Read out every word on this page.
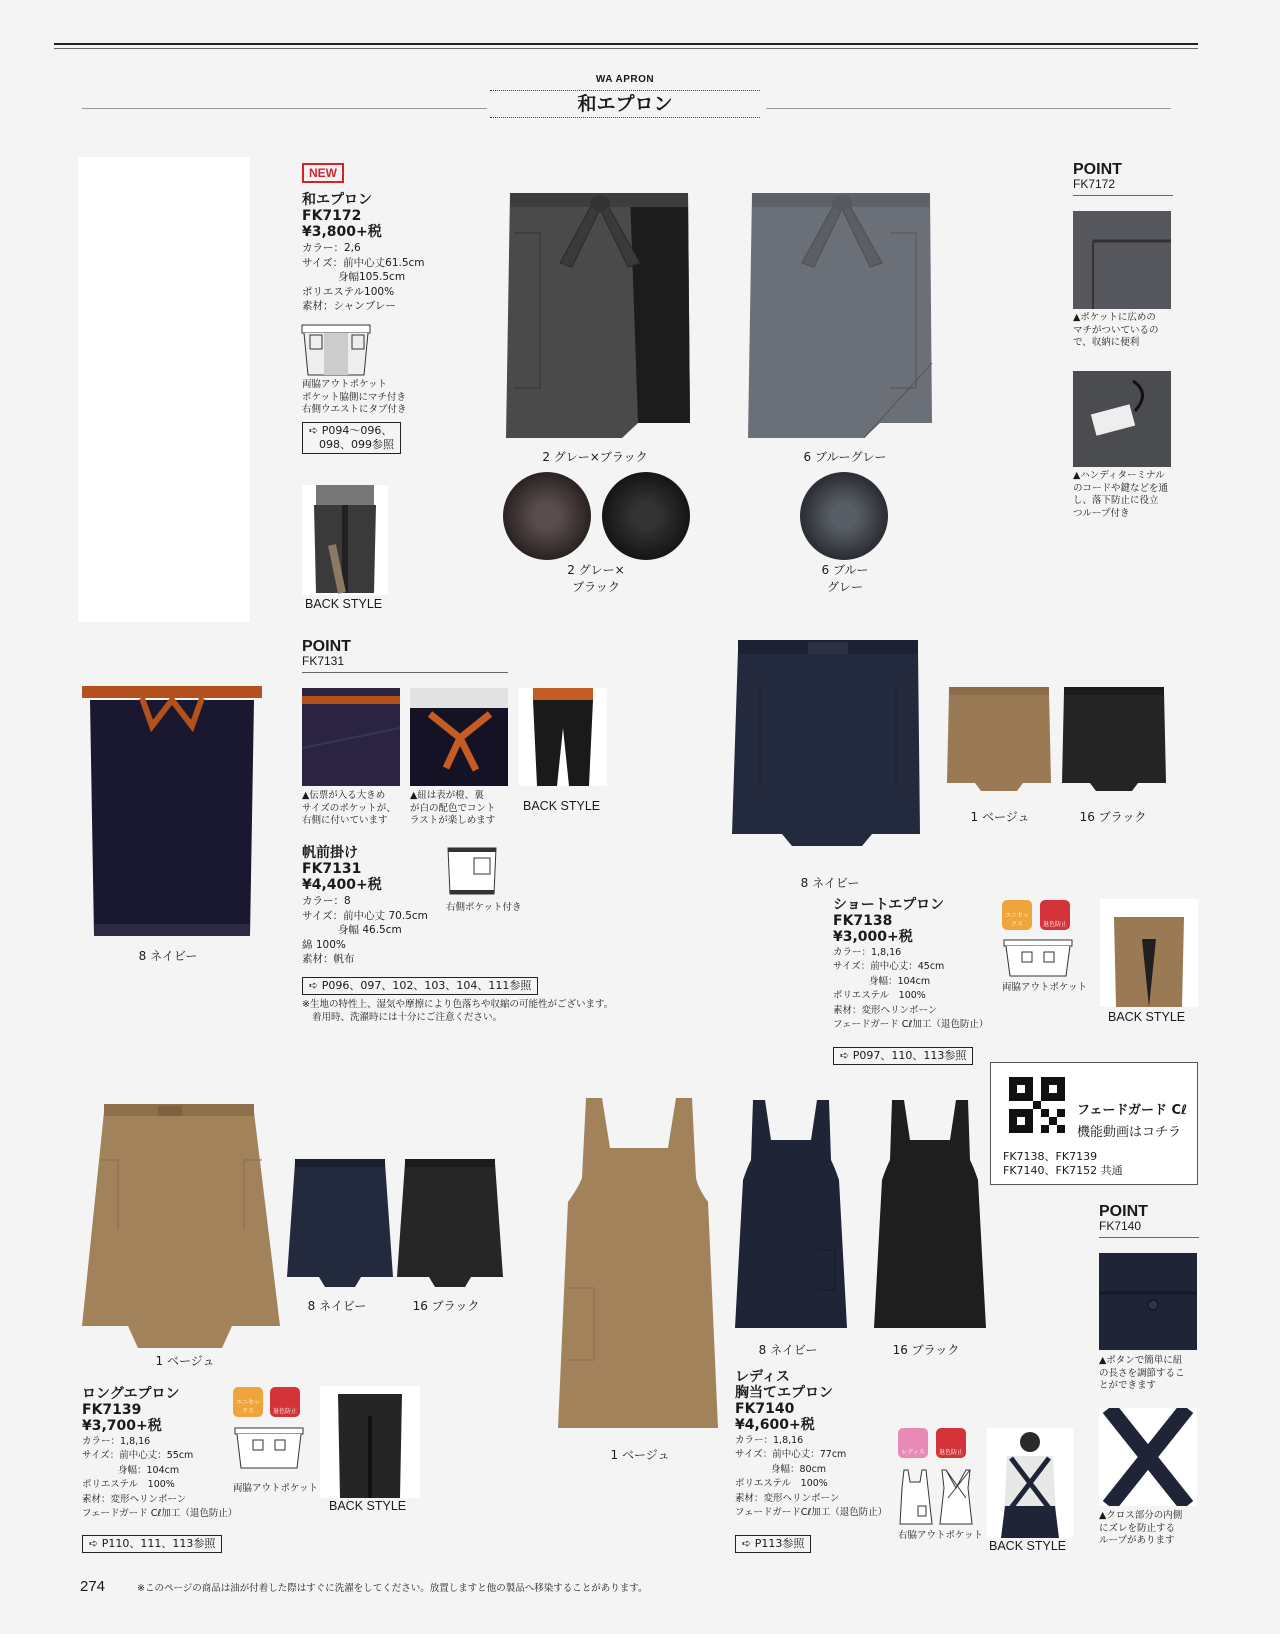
WA APRON
和エプロン
NEW
和エプロン
FK7172
¥3,800+税
カラー：2,6
サイズ：前中心丈61.5cm
身幅105.5cm
ポリエステル100%
素材：シャンブレー
両脇アウトポケット
ポケット脇側にマチ付き
右側ウエストにタブ付き
➪ P094～096、
098、099参照
BACK STYLE
2 グレー×ブラック	6 ブルーグレー
2 グレー×
ブラック
6 ブルー
グレー
POINT
FK7172
▲ポケットに広めの
マチがついているの
で、収納に便利
▲ハンディターミナル
のコードや鍵などを通
し、落下防止に役立
つループ付き
8 ネイビー
POINT
FK7131
BACK STYLE
▲伝票が入る大きめ
サイズのポケットが、
右側に付いています
▲紐は表が橙、裏
が白の配色でコント
ラストが楽しめます
帆前掛け
FK7131
¥4,400+税
カラー：8
サイズ：前中心丈 70.5cm
身幅 46.5cm
綿 100%
素材：帆布
右側ポケット付き
➪ P096、097、102、103、104、111参照
※生地の特性上、湿気や摩擦により色落ちや収縮の可能性がございます。
着用時、洗濯時には十分にご注意ください。
8 ネイビー
1 ベージュ	16 ブラック
ショートエプロン
FK7138
¥3,000+税
カラー：1,8,16
サイズ：前中心丈：45cm
身幅：104cm
ポリエステル　100%
素材：変形ヘリンボーン
フェードガード Cℓ加工（退色防止）
➪ P097、110、113参照
ユニセックス	退色防止
両脇アウトポケット
BACK STYLE
フェードガード Cℓ
機能動画はコチラ
FK7138、FK7139
FK7140、FK7152 共通
1 ベージュ
8 ネイビー	16 ブラック
ロングエプロン
FK7139
¥3,700+税
カラー：1,8,16
サイズ：前中心丈：55cm
身幅：104cm
ポリエステル　100%
素材：変形ヘリンボーン
フェードガード Cℓ加工（退色防止）
➪ P110、111、113参照
ユニセックス	退色防止
両脇アウトポケット
BACK STYLE
1 ベージュ
8 ネイビー	16 ブラック
レディス
胸当てエプロン
FK7140
¥4,600+税
カラー：1,8,16
サイズ：前中心丈：77cm
身幅：80cm
ポリエステル　100%
素材：変形ヘリンボーン
フェードガードCℓ加工（退色防止）
➪ P113参照
レディス	退色防止
右脇アウトポケット
BACK STYLE
POINT
FK7140
▲ボタンで簡単に紐
の長さを調節するこ
とができます
▲クロス部分の内側
にズレを防止する
ループがあります
274	※このページの商品は油が付着した際はすぐに洗濯をしてください。放置しますと他の製品へ移染することがあります。
